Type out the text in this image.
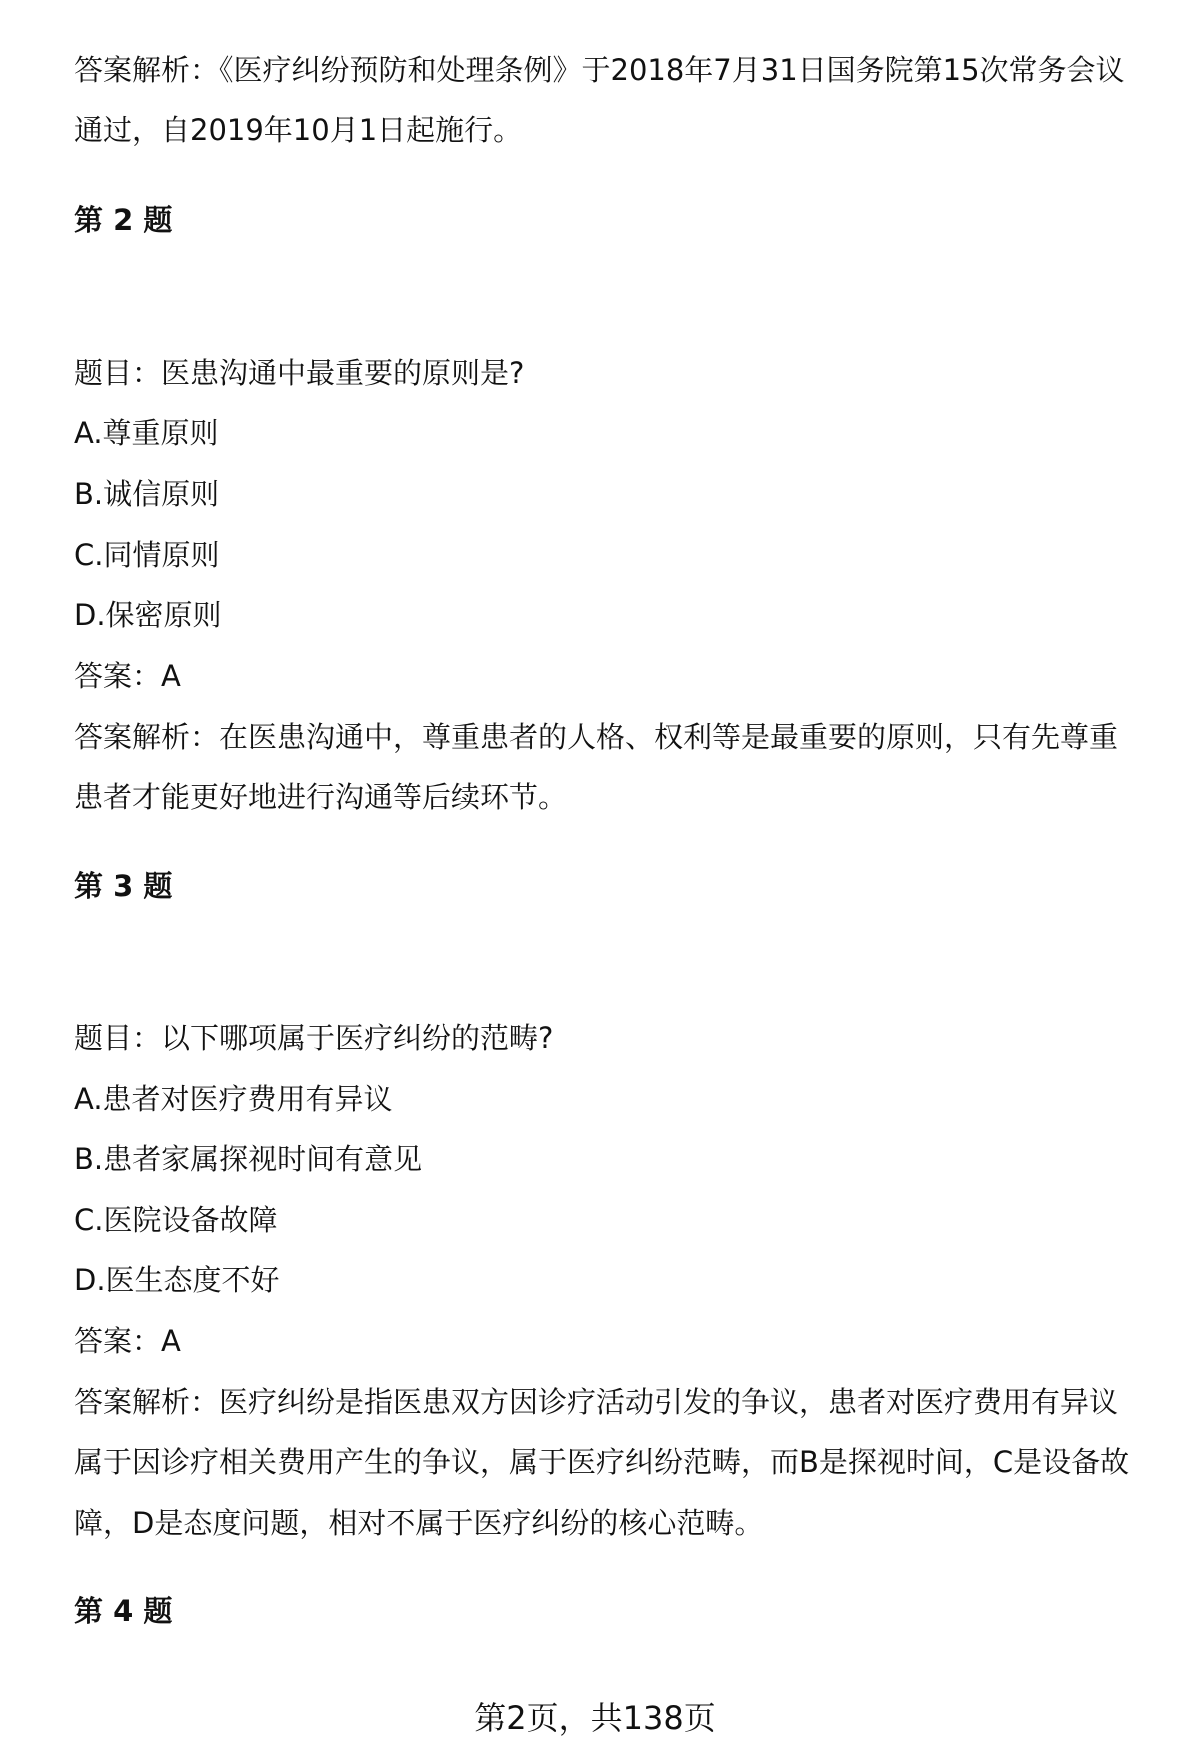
答案解析：《医疗纠纷预防和处理条例》于2018年7月31日国务院第15次常务会议
通过，自2019年10月1日起施行。
第 2 题
题目：医患沟通中最重要的原则是?
A.尊重原则
B.诚信原则
C.同情原则
D.保密原则
答案：A
答案解析：在医患沟通中，尊重患者的人格、权利等是最重要的原则，只有先尊重
患者才能更好地进行沟通等后续环节。
第 3 题
题目：以下哪项属于医疗纠纷的范畴?
A.患者对医疗费用有异议
B.患者家属探视时间有意见
C.医院设备故障
D.医生态度不好
答案：A
答案解析：医疗纠纷是指医患双方因诊疗活动引发的争议，患者对医疗费用有异议
属于因诊疗相关费用产生的争议，属于医疗纠纷范畴，而B是探视时间，C是设备故
障，D是态度问题，相对不属于医疗纠纷的核心范畴。
第 4 题
第2页，共138页
